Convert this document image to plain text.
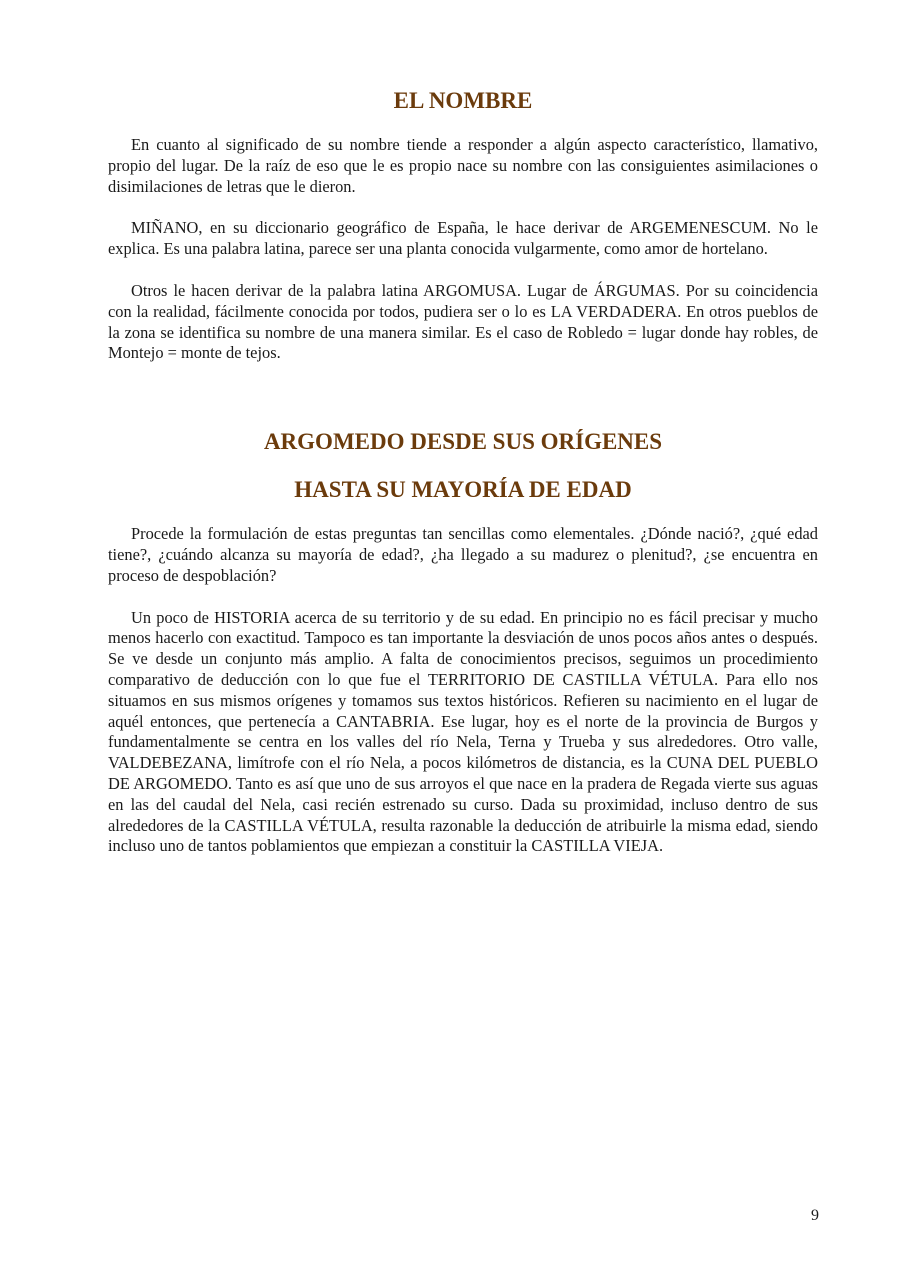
EL NOMBRE

En cuanto al significado de su nombre tiende a responder a algún aspecto característico, llamativo, propio del lugar. De la raíz de eso que le es propio nace su nombre con las consiguientes asimilaciones o disimilaciones de letras que le dieron.

MIÑANO, en su diccionario geográfico de España, le hace derivar de ARGEMENESCUM. No le explica. Es una palabra latina, parece ser una planta conocida vulgarmente, como amor de hortelano.

Otros le hacen derivar de la palabra latina ARGOMUSA. Lugar de ÁRGUMAS. Por su coincidencia con la realidad, fácilmente conocida por todos, pudiera ser o lo es LA VERDADERA. En otros pueblos de la zona se identifica su nombre de una manera similar. Es el caso de Robledo = lugar donde hay robles, de Montejo = monte de tejos.

ARGOMEDO DESDE SUS ORÍGENES
HASTA SU MAYORÍA DE EDAD

Procede la formulación de estas preguntas tan sencillas como elementales. ¿Dónde nació?, ¿qué edad tiene?, ¿cuándo alcanza su mayoría de edad?, ¿ha llegado a su madurez o plenitud?, ¿se encuentra en proceso de despoblación?

Un poco de HISTORIA acerca de su territorio y de su edad. En principio no es fácil precisar y mucho menos hacerlo con exactitud. Tampoco es tan importante la desviación de unos pocos años antes o después. Se ve desde un conjunto más amplio. A falta de conocimientos precisos, seguimos un procedimiento comparativo de deducción con lo que fue el TERRITORIO DE CASTILLA VÉTULA. Para ello nos situamos en sus mismos orígenes y tomamos sus textos históricos. Refieren su nacimiento en el lugar de aquél entonces, que pertenecía a CANTABRIA. Ese lugar, hoy es el norte de la provincia de Burgos y fundamentalmente se centra en los valles del río Nela, Terna y Trueba y sus alrededores. Otro valle, VALDEBEZANA, limítrofe con el río Nela, a pocos kilómetros de distancia, es la CUNA DEL PUEBLO DE ARGOMEDO. Tanto es así que uno de sus arroyos el que nace en la pradera de Regada vierte sus aguas en las del caudal del Nela, casi recién estrenado su curso. Dada su proximidad, incluso dentro de sus alrededores de la CASTILLA VÉTULA, resulta razonable la deducción de atribuirle la misma edad, siendo incluso uno de tantos poblamientos que empiezan a constituir la CASTILLA VIEJA.

9
